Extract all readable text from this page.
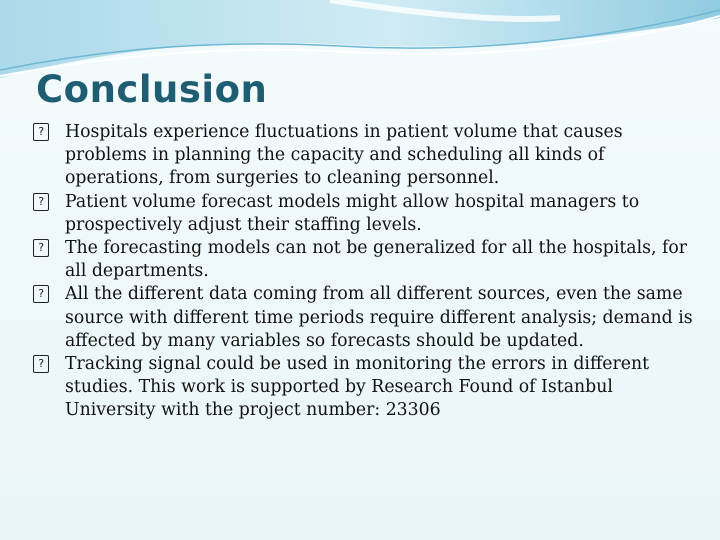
Conclusion
? Hospitals experience fluctuations in patient volume that causes problems in planning the capacity and scheduling all kinds of operations, from surgeries to cleaning personnel.
? Patient volume forecast models might allow hospital managers to prospectively adjust their staffing levels.
? The forecasting models can not be generalized for all the hospitals, for all departments.
? All the different data coming from all different sources, even the same source with different time periods require different analysis; demand is affected by many variables so forecasts should be updated.
? Tracking signal could be used in monitoring the errors in different studies. This work is supported by Research Found of Istanbul University with the project number: 23306
